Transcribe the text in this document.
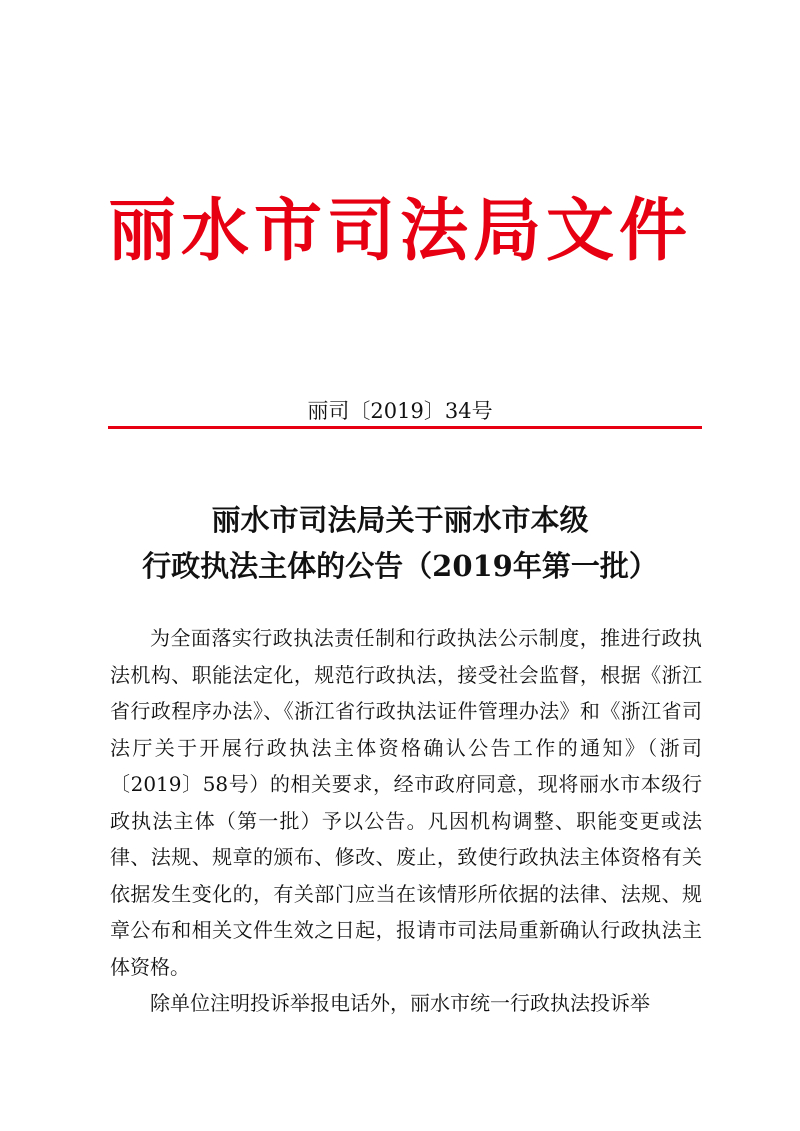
丽水市司法局文件
丽司〔2019〕34号
丽水市司法局关于丽水市本级
行政执法主体的公告（2019年第一批）

为全面落实行政执法责任制和行政执法公示制度，推进行政执法机构、职能法定化，规范行政执法，接受社会监督，根据《浙江省行政程序办法》、《浙江省行政执法证件管理办法》和《浙江省司法厅关于开展行政执法主体资格确认公告工作的通知》（浙司〔2019〕58号）的相关要求，经市政府同意，现将丽水市本级行政执法主体（第一批）予以公告。凡因机构调整、职能变更或法律、法规、规章的颁布、修改、废止，致使行政执法主体资格有关依据发生变化的，有关部门应当在该情形所依据的法律、法规、规章公布和相关文件生效之日起，报请市司法局重新确认行政执法主体资格。

除单位注明投诉举报电话外，丽水市统一行政执法投诉举
